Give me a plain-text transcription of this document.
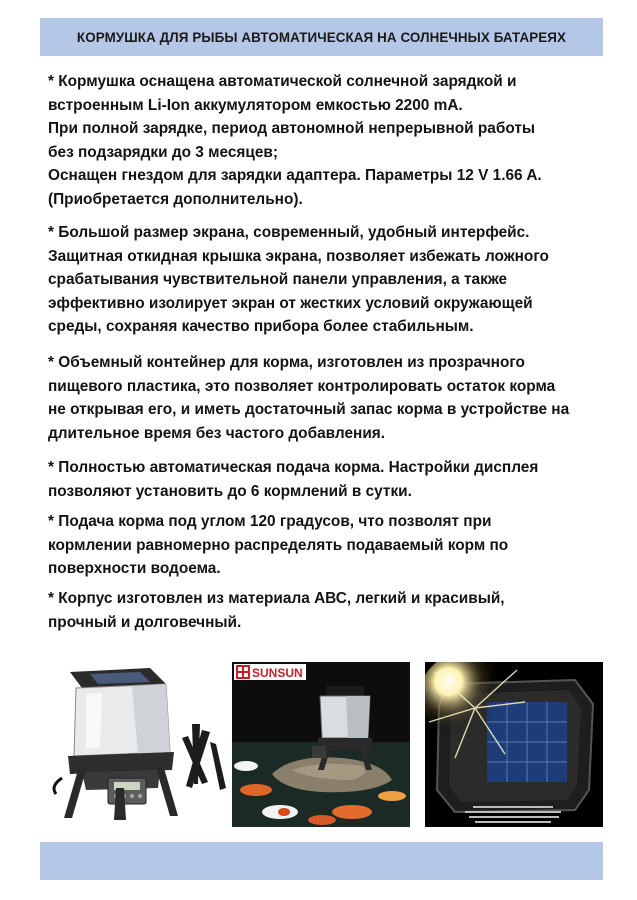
КОРМУШКА ДЛЯ РЫБЫ АВТОМАТИЧЕСКАЯ НА СОЛНЕЧНЫХ БАТАРЕЯХ

* Кормушка оснащена автоматической солнечной зарядкой и

встроенным Li-Ion аккумулятором емкостью 2200 mA.

При полной зарядке, период автономной непрерывной работы

без подзарядки до 3 месяцев;

Оснащен гнездом для зарядки адаптера. Параметры 12 V 1.66 A.

(Приобретается дополнительно).

* Большой размер экрана, современный, удобный интерфейс.

Защитная откидная крышка экрана, позволяет избежать ложного

срабатывания чувствительной панели управления, а также

эффективно изолирует экран от жестких условий окружающей

среды, сохраняя качество прибора более стабильным.

* Объемный контейнер для корма, изготовлен из прозрачного

пищевого пластика, это позволяет контролировать остаток корма

не открывая его, и иметь достаточный запас корма в устройстве на

длительное время без частого добавления.

* Полностью автоматическая подача корма. Настройки дисплея

позволяют установить до 6 кормлений в сутки.

* Подача корма под углом 120 градусов, что позволят при

кормлении равномерно распределять подаваемый корм по

поверхности водоема.

* Корпус изготовлен из материала АВС, легкий и красивый,

прочный и долговечный.

SUNSUN
